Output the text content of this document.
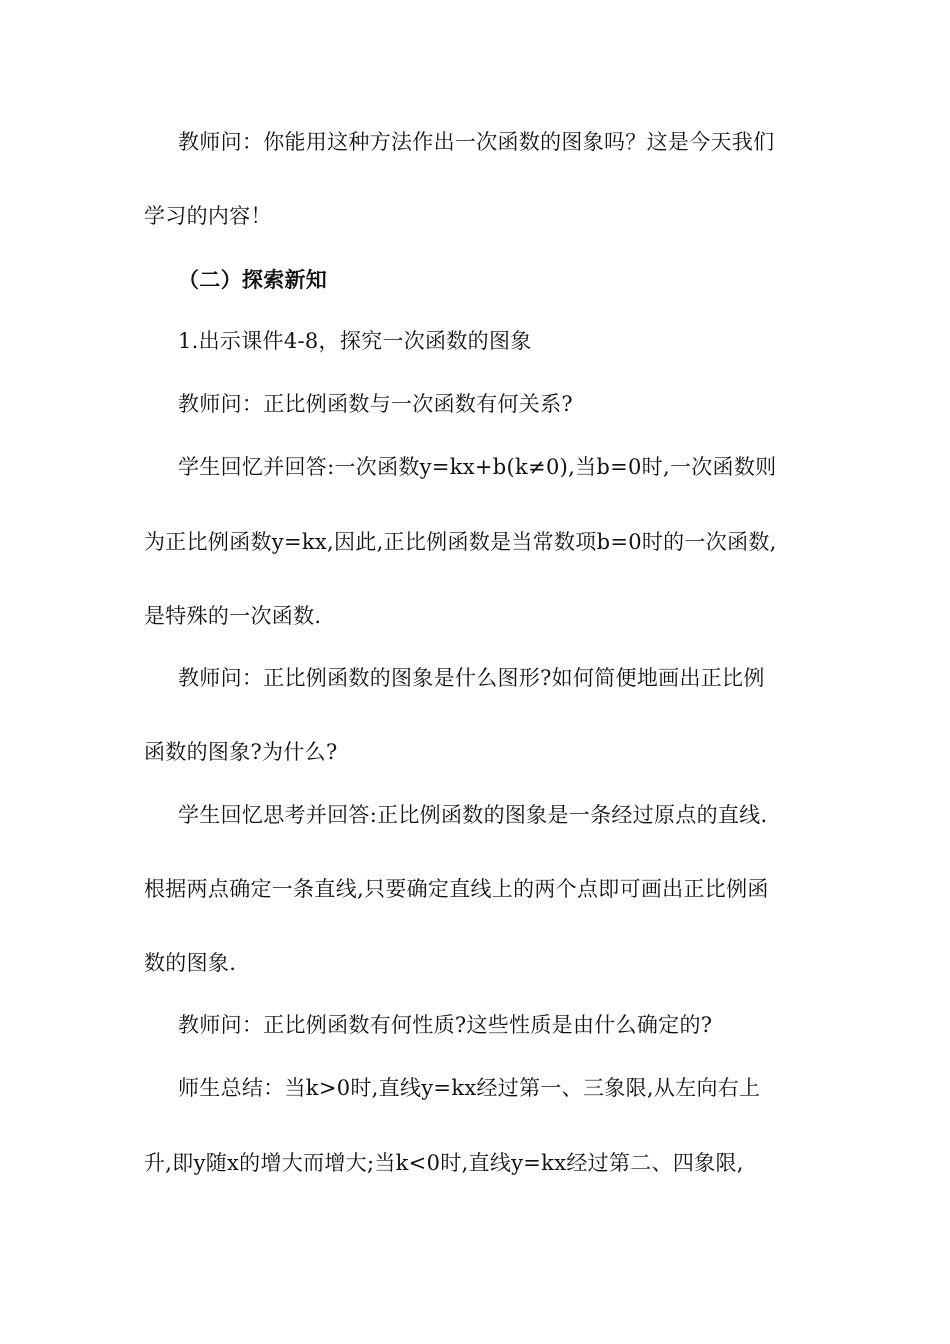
教师问：你能用这种方法作出一次函数的图象吗？这是今天我们
学习的内容！
（二）探索新知
1.出示课件4-8，探究一次函数的图象
教师问：正比例函数与一次函数有何关系?
学生回忆并回答:一次函数y=kx+b(k≠0),当b=0时,一次函数则
为正比例函数y=kx,因此,正比例函数是当常数项b=0时的一次函数,
是特殊的一次函数.
教师问：正比例函数的图象是什么图形?如何简便地画出正比例
函数的图象?为什么?
学生回忆思考并回答:正比例函数的图象是一条经过原点的直线.
根据两点确定一条直线,只要确定直线上的两个点即可画出正比例函
数的图象.
教师问：正比例函数有何性质?这些性质是由什么确定的?
师生总结：当k>0时,直线y=kx经过第一、三象限,从左向右上
升,即y随x的增大而增大;当k<0时,直线y=kx经过第二、四象限,
